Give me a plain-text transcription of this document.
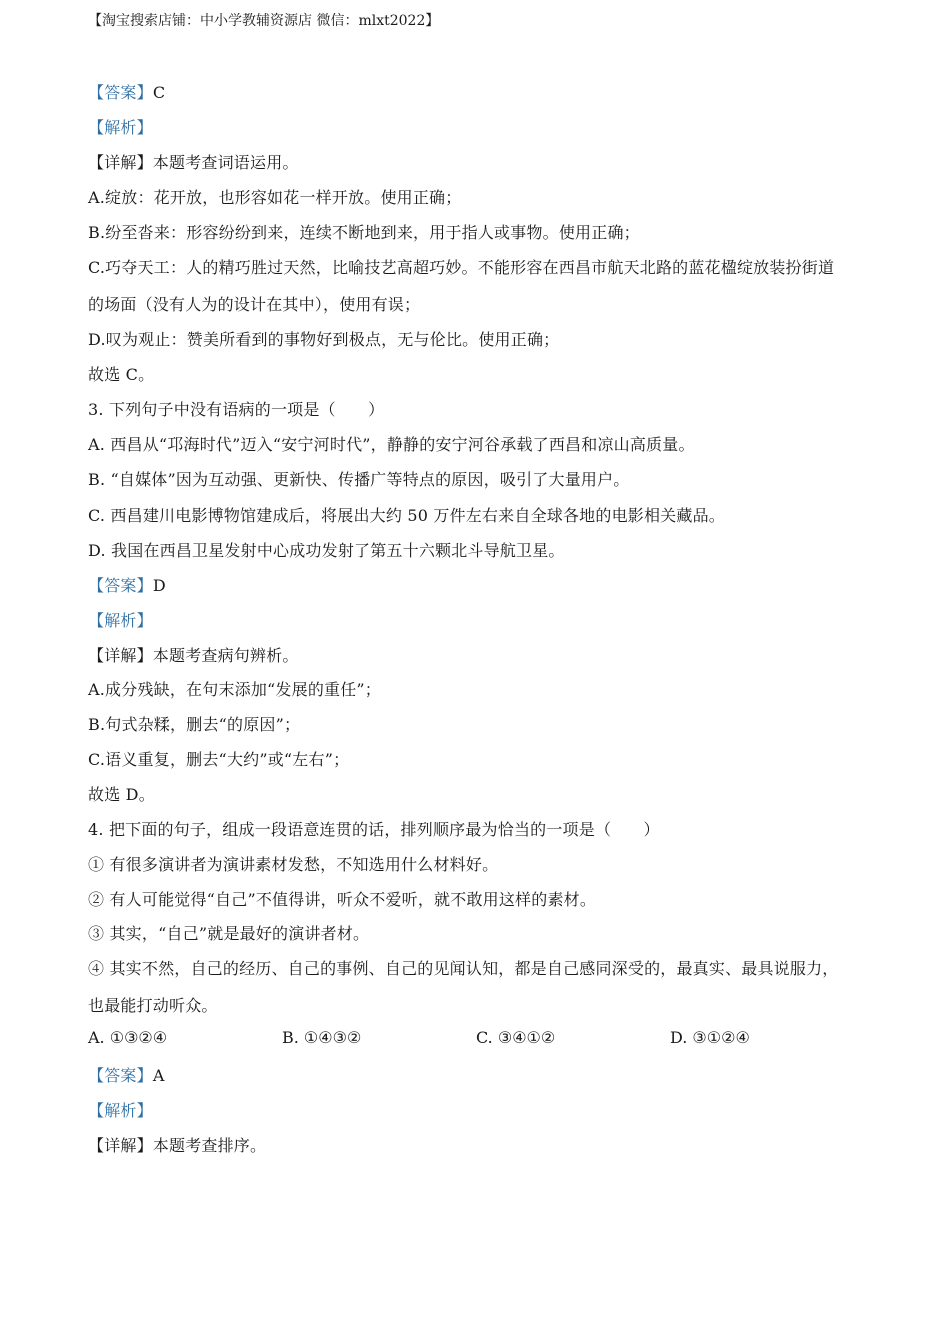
【淘宝搜索店铺：中小学教辅资源店 微信：mlxt2022】
【答案】C
【解析】
【详解】本题考查词语运用。
A.绽放：花开放，也形容如花一样开放。使用正确；
B.纷至沓来：形容纷纷到来，连续不断地到来，用于指人或事物。使用正确；
C.巧夺天工：人的精巧胜过天然，比喻技艺高超巧妙。不能形容在西昌市航天北路的蓝花楹绽放装扮街道
的场面（没有人为的设计在其中），使用有误；
D.叹为观止：赞美所看到的事物好到极点，无与伦比。使用正确；
故选 C。
3. 下列句子中没有语病的一项是（　　）
A. 西昌从“邛海时代”迈入“安宁河时代”，静静的安宁河谷承载了西昌和凉山高质量。
B. “自媒体”因为互动强、更新快、传播广等特点的原因，吸引了大量用户。
C. 西昌建川电影博物馆建成后，将展出大约 50 万件左右来自全球各地的电影相关藏品。
D. 我国在西昌卫星发射中心成功发射了第五十六颗北斗导航卫星。
【答案】D
【解析】
【详解】本题考查病句辨析。
A.成分残缺，在句末添加“发展的重任”；
B.句式杂糅，删去“的原因”；
C.语义重复，删去“大约”或“左右”；
故选 D。
4. 把下面的句子，组成一段语意连贯的话，排列顺序最为恰当的一项是（　　）
① 有很多演讲者为演讲素材发愁，不知选用什么材料好。
② 有人可能觉得“自己”不值得讲，听众不爱听，就不敢用这样的素材。
③ 其实，“自己”就是最好的演讲者材。
④ 其实不然，自己的经历、自己的事例、自己的见闻认知，都是自己感同深受的，最真实、最具说服力，
也最能打动听众。
A. ①③②④	B. ①④③②	C. ③④①②	D. ③①②④
【答案】A
【解析】
【详解】本题考查排序。
